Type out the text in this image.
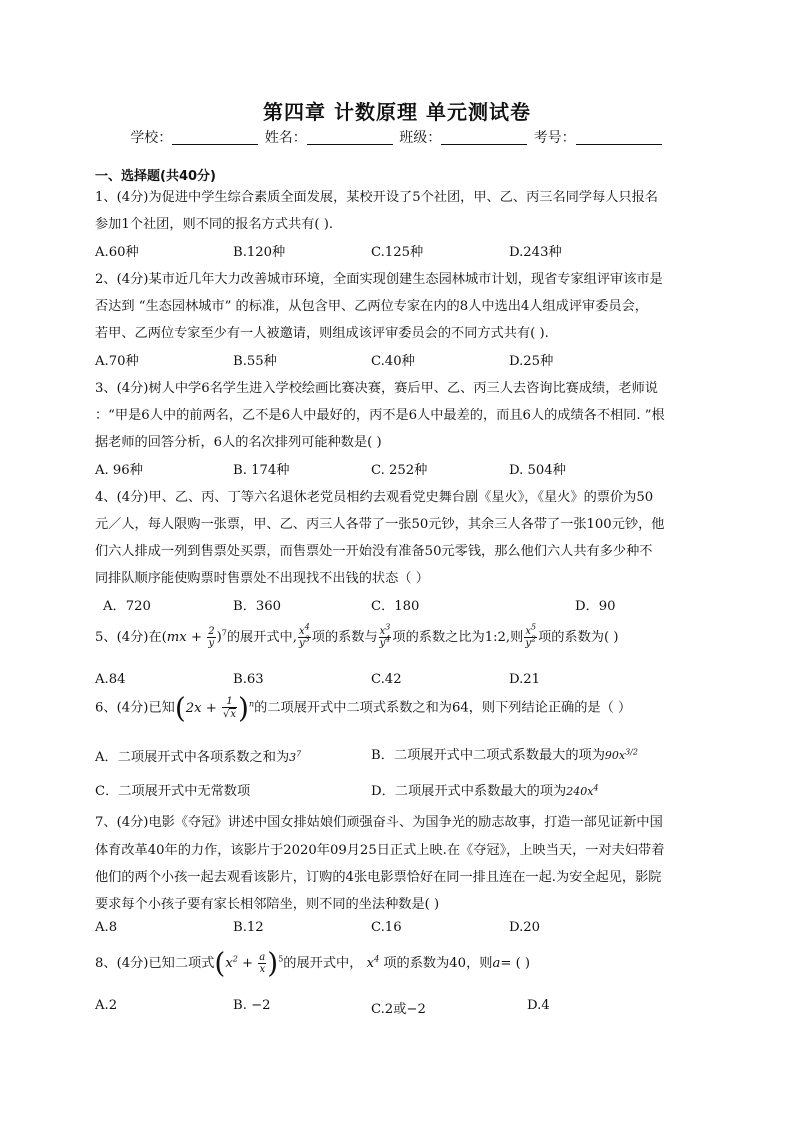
第四章 计数原理 单元测试卷
学校：	姓名：	班级：	考号：
一、选择题(共40分)
1、(4分)为促进中学生综合素质全面发展，某校开设了5个社团，甲、乙、丙三名同学每人只报名
参加1个社团，则不同的报名方式共有( ).
A.60种	B.120种	C.125种	D.243种
2、(4分)某市近几年大力改善城市环境，全面实现创建生态园林城市计划，现省专家组评审该市是
否达到 “生态园林城市” 的标准，从包含甲、乙两位专家在内的8人中选出4人组成评审委员会，
若甲、乙两位专家至少有一人被邀请，则组成该评审委员会的不同方式共有( ).
A.70种	B.55种	C.40种	D.25种
3、(4分)树人中学6名学生进入学校绘画比赛决赛，赛后甲、乙、丙三人去咨询比赛成绩，老师说
：“甲是6人中的前两名，乙不是6人中最好的，丙不是6人中最差的，而且6人的成绩各不相同. ”根
据老师的回答分析，6人的名次排列可能种数是( )
A. 96种	B. 174种	C. 252种	D. 504种
4、(4分)甲、乙、丙、丁等六名退休老党员相约去观看党史舞台剧《星火》，《星火》的票价为50
元／人，每人限购一张票，甲、乙、丙三人各带了一张50元钞，其余三人各带了一张100元钞，他
们六人排成一列到售票处买票，而售票处一开始没有准备50元零钱，那么他们六人共有多少种不
同排队顺序能使购票时售票处不出现找不出钱的状态（ ）
A．720	B．360	C．180	D．90
5、(4分)在$(mx + \frac{2}{y} )^7$的展开式中, $\frac{x^4}{y^3}$ 项的系数与 $\frac{x^3}{y^4}$ 项的系数之比为1:2,则 $\frac{x^5}{y^2}$ 项的系数为( )
A.84	B.63	C.42	D.21
6、(4分)已知$(2x + \frac{1}{√x} )^n$的二项展开式中二项式系数之和为64，则下列结论正确的是（ ）
A．二项展开式中各项系数之和为$3^7$	B．二项展开式中二项式系数最大的项为$90x^{3/2}$
C．二项展开式中无常数项	D．二项展开式中系数最大的项为$240x^4$
7、(4分)电影《夺冠》讲述中国女排姑娘们顽强奋斗、为国争光的励志故事，打造一部见证新中国
体育改革40年的力作，该影片于2020年09月25日正式上映.在《夺冠》，上映当天，一对夫妇带着
他们的两个小孩一起去观看该影片，订购的4张电影票恰好在同一排且连在一起.为安全起见，影院
要求每个小孩子要有家长相邻陪坐，则不同的坐法种数是( )
A.8	B.12	C.16	D.20
8、(4分)已知二项式$(x^2 + \frac{a}{x} )^5$的展开式中， $x^4$ 项的系数为40，则a= ( )
A.2	B. −2	C.2或−2	D.4
